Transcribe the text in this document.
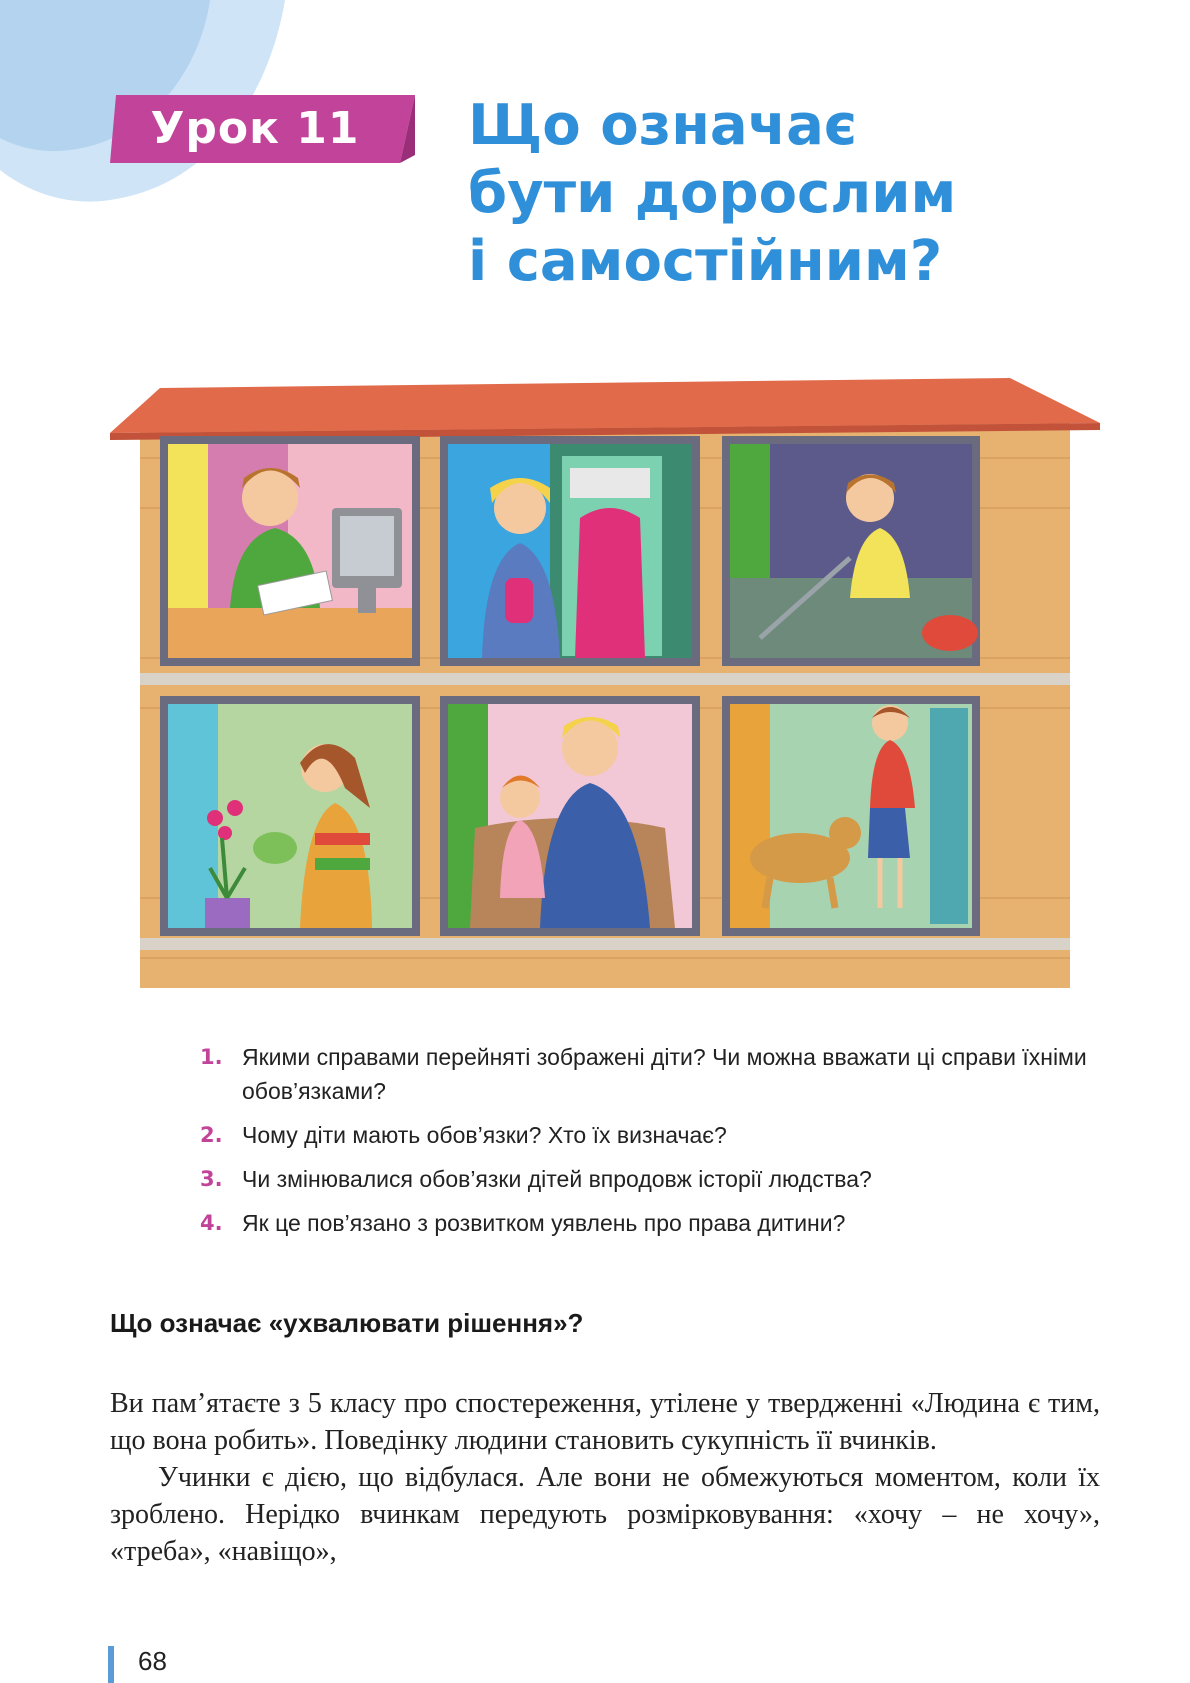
Урок 11	Що означає
бути дорослим
і самостійним?
1. Якими справами перейняті зображені діти? Чи можна вважати ці справи їхніми обов’язками?
2. Чому діти мають обов’язки? Хто їх визначає?
3. Чи змінювалися обов’язки дітей впродовж історії людства?
4. Як це пов’язано з розвитком уявлень про права дитини?
Що означає «ухвалювати рішення»?

Ви пам’ятаєте з 5 класу про спостереження, утілене у твердженні «Людина є тим, що вона робить». Поведінку людини становить сукупність її вчинків.

Учинки є дією, що відбулася. Але вони не обмежуються моментом, коли їх зроблено. Нерідко вчинкам передують розмірковування: «хочу – не хочу», «треба», «навіщо»,

68
